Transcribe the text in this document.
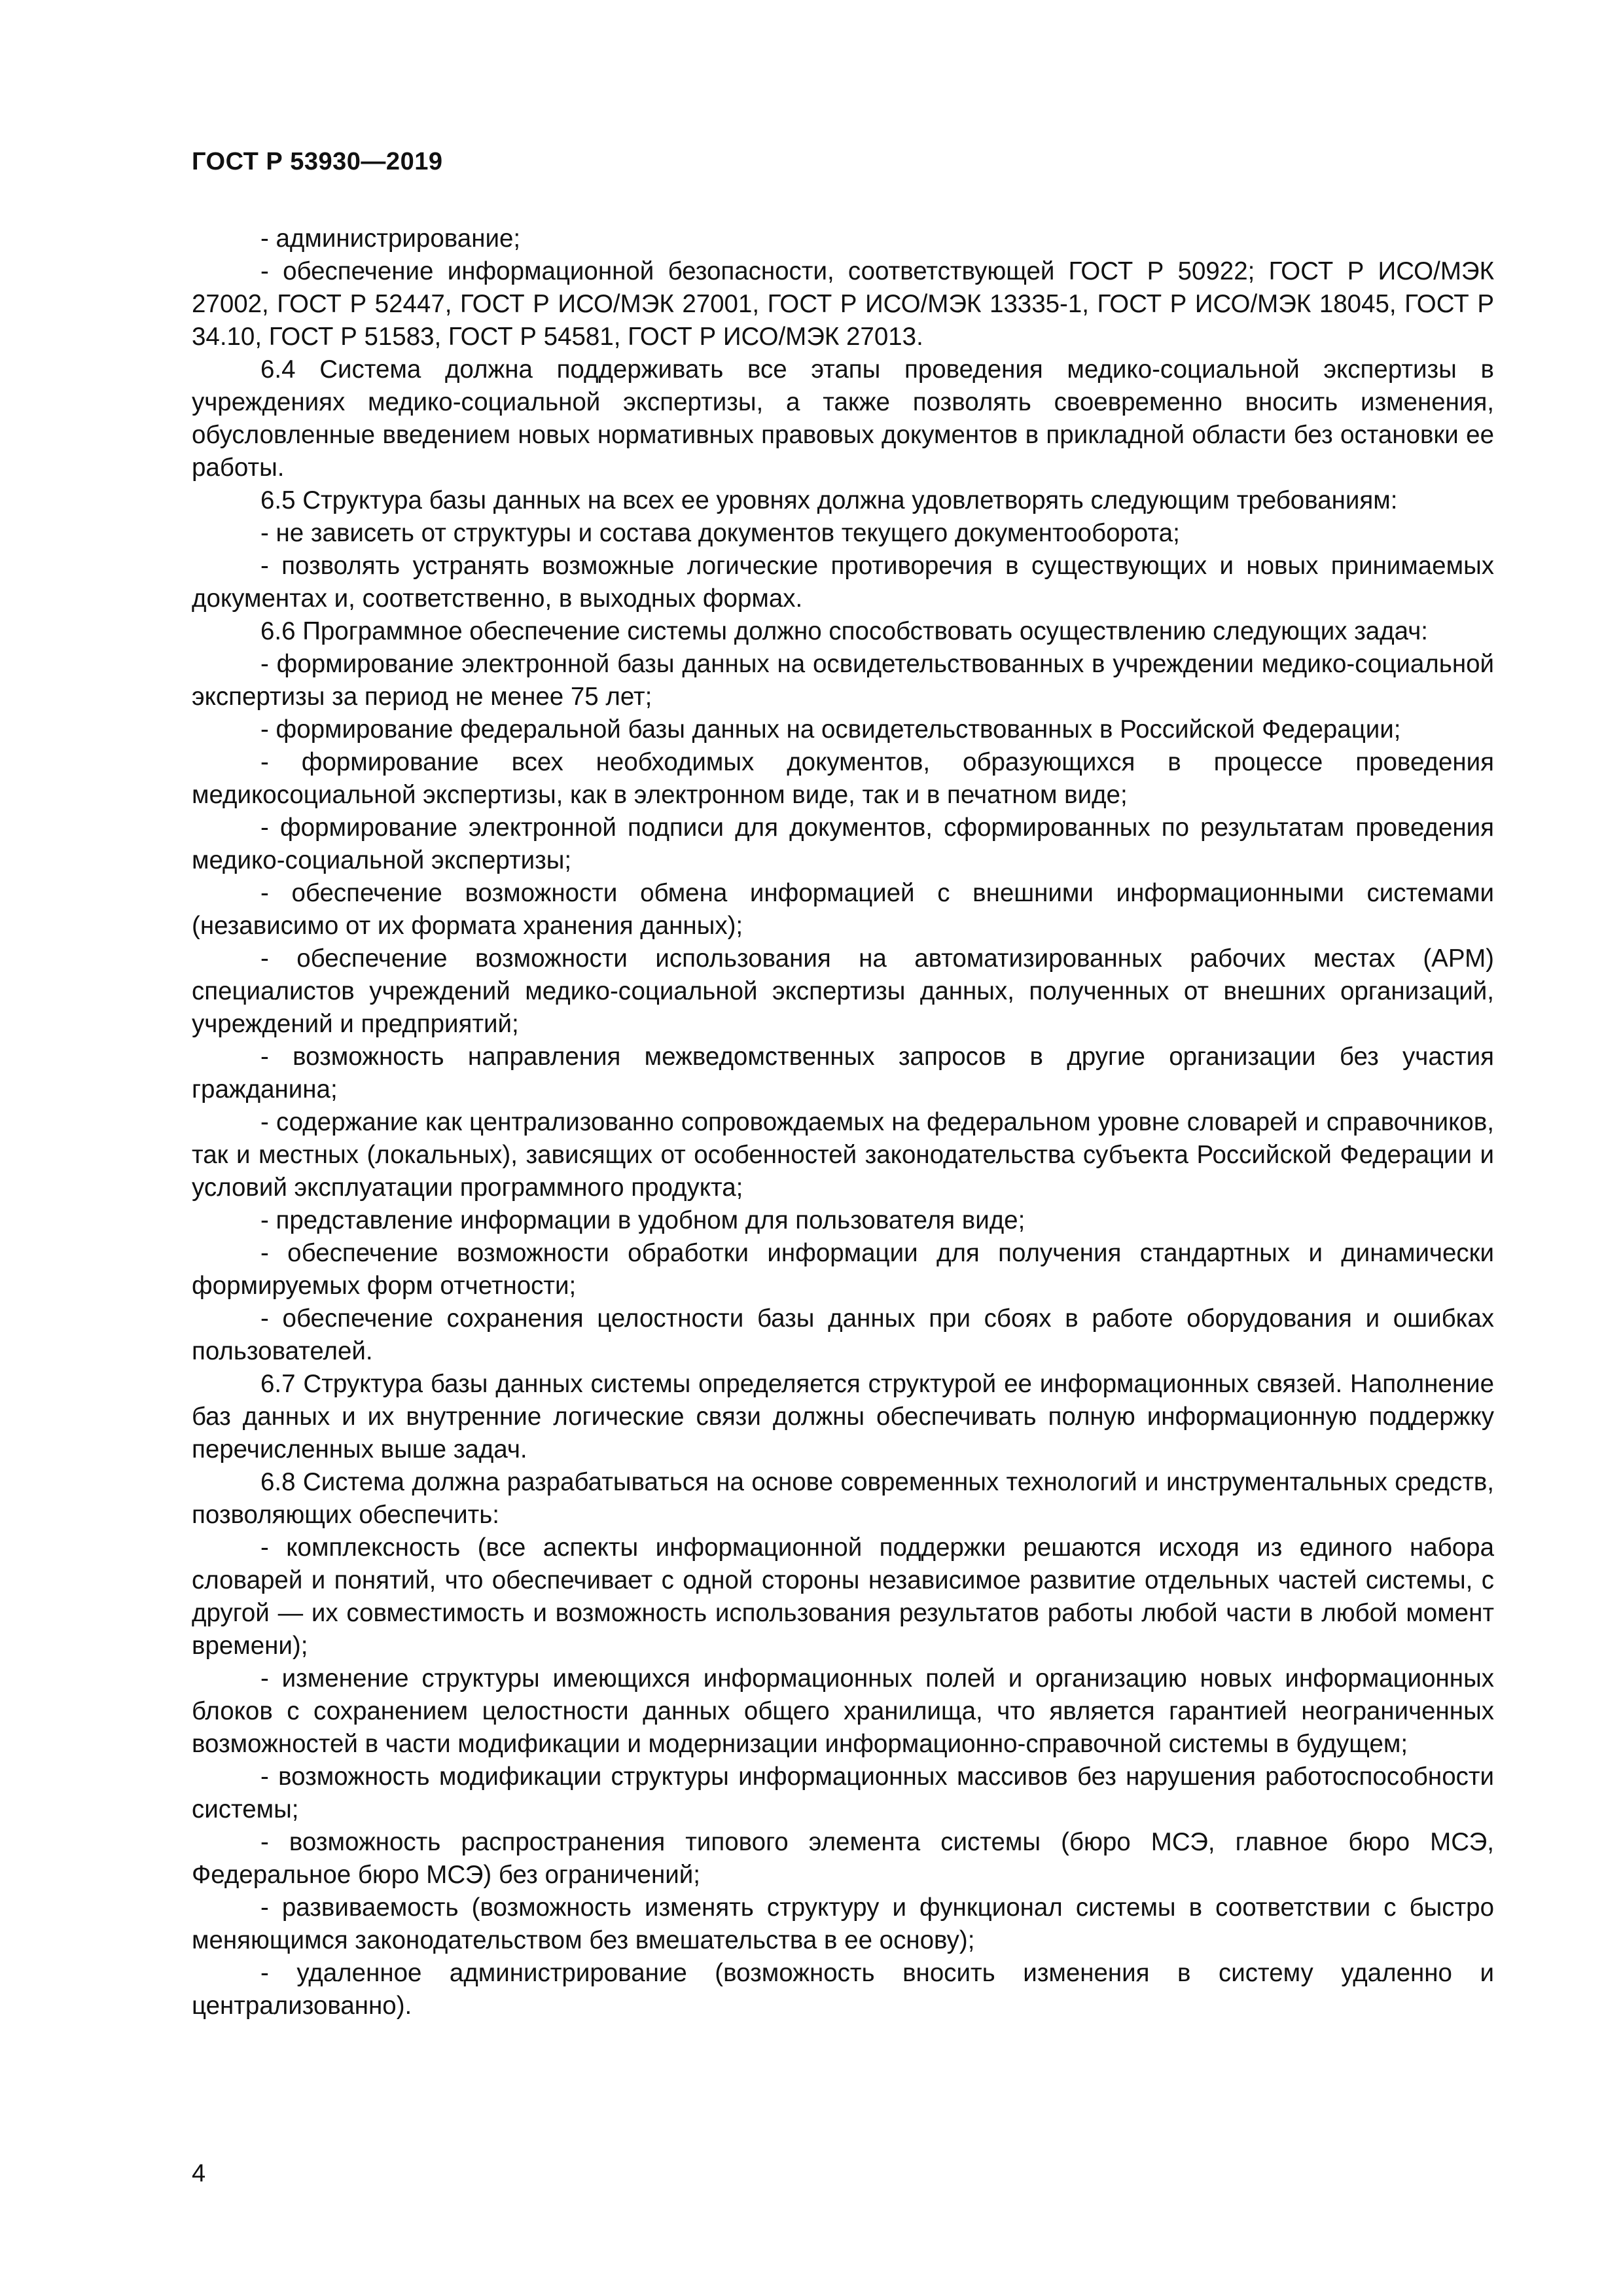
ГОСТ Р 53930—2019

- администрирование;

- обеспечение информационной безопасности, соответствующей ГОСТ Р 50922; ГОСТ Р ИСО/МЭК 27002, ГОСТ Р 52447, ГОСТ Р ИСО/МЭК 27001, ГОСТ Р ИСО/МЭК 13335-1, ГОСТ Р ИСО/МЭК 18045, ГОСТ Р 34.10, ГОСТ Р 51583, ГОСТ Р 54581, ГОСТ Р ИСО/МЭК 27013.

6.4 Система должна поддерживать все этапы проведения медико-социальной экспертизы в учреждениях медико-социальной экспертизы, а также позволять своевременно вносить изменения, обусловленные введением новых нормативных правовых документов в прикладной области без остановки ее работы.

6.5 Структура базы данных на всех ее уровнях должна удовлетворять следующим требованиям:

- не зависеть от структуры и состава документов текущего документооборота;

- позволять устранять возможные логические противоречия в существующих и новых принимаемых документах и, соответственно, в выходных формах.

6.6 Программное обеспечение системы должно способствовать осуществлению следующих задач:

- формирование электронной базы данных на освидетельствованных в учреждении медико-социальной экспертизы за период не менее 75 лет;

- формирование федеральной базы данных на освидетельствованных в Российской Федерации;

- формирование всех необходимых документов, образующихся в процессе проведения медикосоциальной экспертизы, как в электронном виде, так и в печатном виде;

- формирование электронной подписи для документов, сформированных по результатам проведения медико-социальной экспертизы;

- обеспечение возможности обмена информацией с внешними информационными системами (независимо от их формата хранения данных);

- обеспечение возможности использования на автоматизированных рабочих местах (АРМ) специалистов учреждений медико-социальной экспертизы данных, полученных от внешних организаций, учреждений и предприятий;

- возможность направления межведомственных запросов в другие организации без участия гражданина;

- содержание как централизованно сопровождаемых на федеральном уровне словарей и справочников, так и местных (локальных), зависящих от особенностей законодательства субъекта Российской Федерации и условий эксплуатации программного продукта;

- представление информации в удобном для пользователя виде;

- обеспечение возможности обработки информации для получения стандартных и динамически формируемых форм отчетности;

- обеспечение сохранения целостности базы данных при сбоях в работе оборудования и ошибках пользователей.

6.7 Структура базы данных системы определяется структурой ее информационных связей. Наполнение баз данных и их внутренние логические связи должны обеспечивать полную информационную поддержку перечисленных выше задач.

6.8 Система должна разрабатываться на основе современных технологий и инструментальных средств, позволяющих обеспечить:

- комплексность (все аспекты информационной поддержки решаются исходя из единого набора словарей и понятий, что обеспечивает с одной стороны независимое развитие отдельных частей системы, с другой — их совместимость и возможность использования результатов работы любой части в любой момент времени);

- изменение структуры имеющихся информационных полей и организацию новых информационных блоков с сохранением целостности данных общего хранилища, что является гарантией неограниченных возможностей в части модификации и модернизации информационно-справочной системы в будущем;

- возможность модификации структуры информационных массивов без нарушения работоспособности системы;

- возможность распространения типового элемента системы (бюро МСЭ, главное бюро МСЭ, Федеральное бюро МСЭ) без ограничений;

- развиваемость (возможность изменять структуру и функционал системы в соответствии с быстро меняющимся законодательством без вмешательства в ее основу);

- удаленное администрирование (возможность вносить изменения в систему удаленно и централизованно).

4
